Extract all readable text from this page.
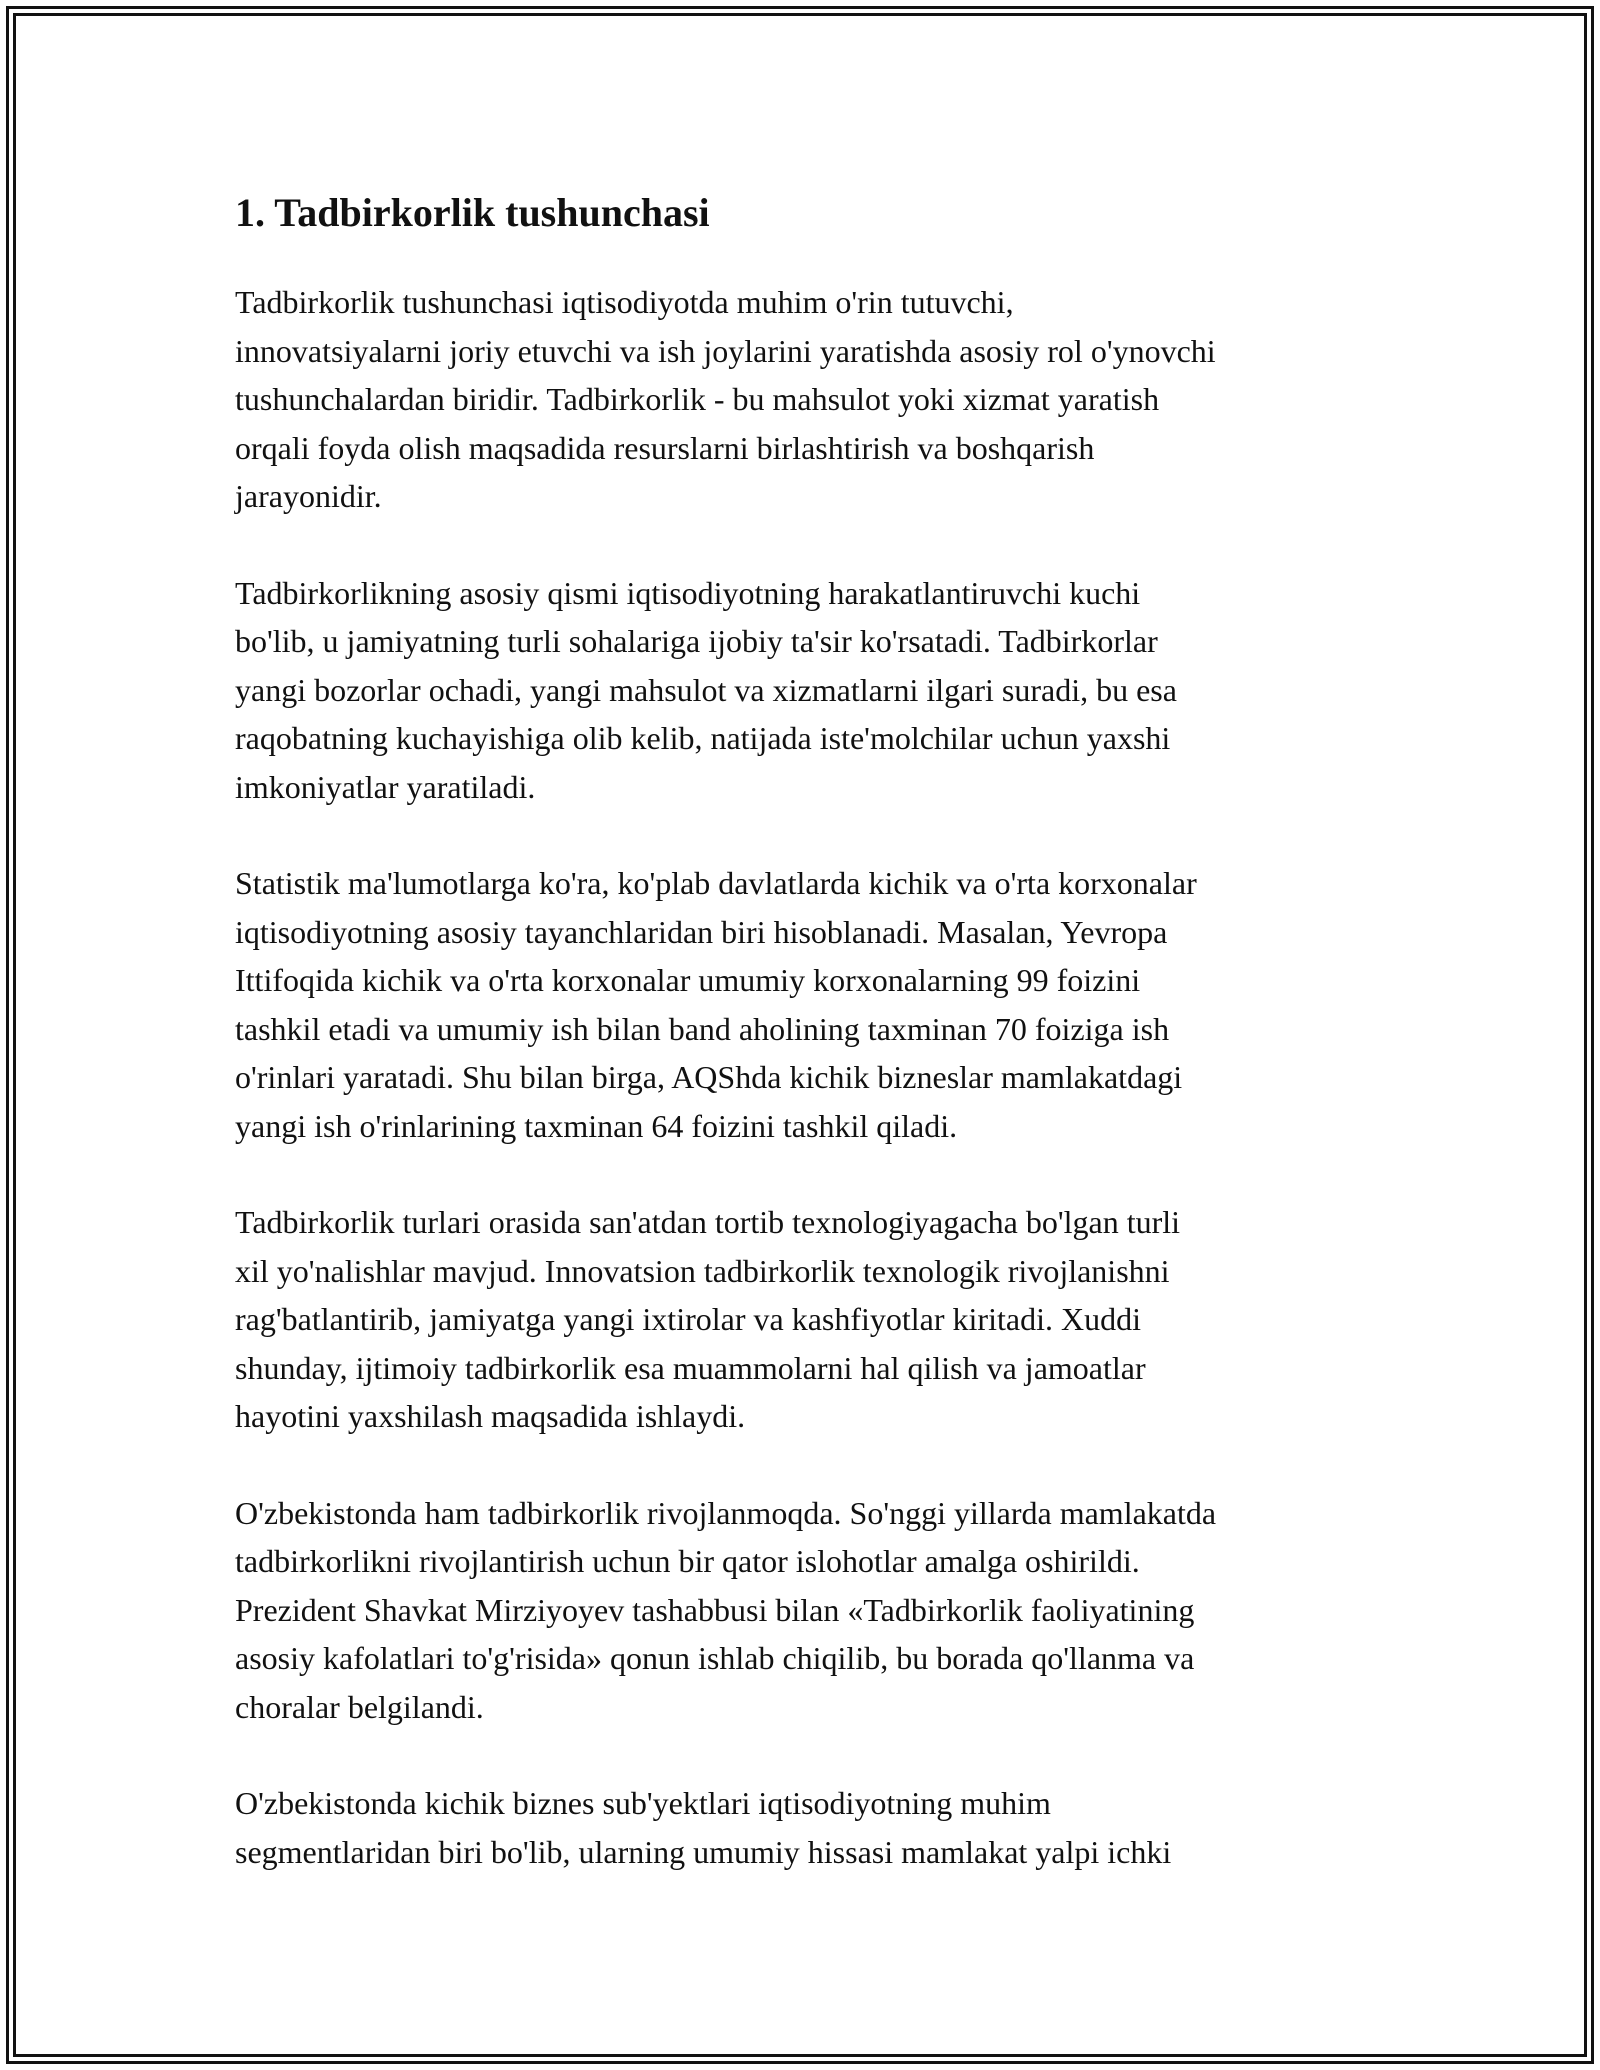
1. Tadbirkorlik tushunchasi

Tadbirkorlik tushunchasi iqtisodiyotda muhim o'rin tutuvchi,
innovatsiyalarni joriy etuvchi va ish joylarini yaratishda asosiy rol o'ynovchi
tushunchalardan biridir. Tadbirkorlik - bu mahsulot yoki xizmat yaratish
orqali foyda olish maqsadida resurslarni birlashtirish va boshqarish
jarayonidir.

Tadbirkorlikning asosiy qismi iqtisodiyotning harakatlantiruvchi kuchi
bo'lib, u jamiyatning turli sohalariga ijobiy ta'sir ko'rsatadi. Tadbirkorlar
yangi bozorlar ochadi, yangi mahsulot va xizmatlarni ilgari suradi, bu esa
raqobatning kuchayishiga olib kelib, natijada iste'molchilar uchun yaxshi
imkoniyatlar yaratiladi.

Statistik ma'lumotlarga ko'ra, ko'plab davlatlarda kichik va o'rta korxonalar
iqtisodiyotning asosiy tayanchlaridan biri hisoblanadi. Masalan, Yevropa
Ittifoqida kichik va o'rta korxonalar umumiy korxonalarning 99 foizini
tashkil etadi va umumiy ish bilan band aholining taxminan 70 foiziga ish
o'rinlari yaratadi. Shu bilan birga, AQShda kichik bizneslar mamlakatdagi
yangi ish o'rinlarining taxminan 64 foizini tashkil qiladi.

Tadbirkorlik turlari orasida san'atdan tortib texnologiyagacha bo'lgan turli
xil yo'nalishlar mavjud. Innovatsion tadbirkorlik texnologik rivojlanishni
rag'batlantirib, jamiyatga yangi ixtirolar va kashfiyotlar kiritadi. Xuddi
shunday, ijtimoiy tadbirkorlik esa muammolarni hal qilish va jamoatlar
hayotini yaxshilash maqsadida ishlaydi.

O'zbekistonda ham tadbirkorlik rivojlanmoqda. So'nggi yillarda mamlakatda
tadbirkorlikni rivojlantirish uchun bir qator islohotlar amalga oshirildi.
Prezident Shavkat Mirziyoyev tashabbusi bilan «Tadbirkorlik faoliyatining
asosiy kafolatlari to'g'risida» qonun ishlab chiqilib, bu borada qo'llanma va
choralar belgilandi.

O'zbekistonda kichik biznes sub'yektlari iqtisodiyotning muhim
segmentlaridan biri bo'lib, ularning umumiy hissasi mamlakat yalpi ichki
